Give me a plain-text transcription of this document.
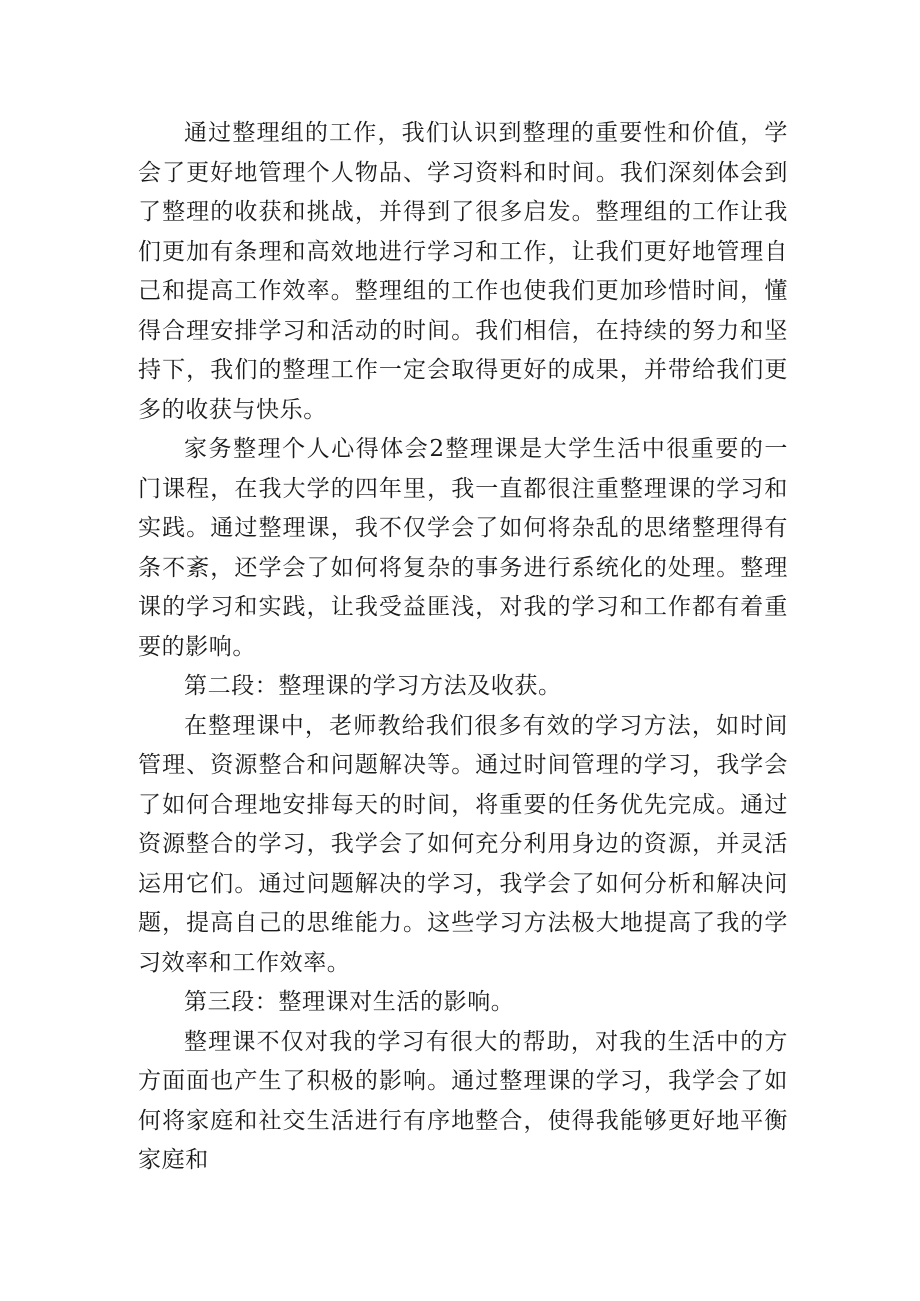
通过整理组的工作，我们认识到整理的重要性和价值，学会了更好地管理个人物品、学习资料和时间。我们深刻体会到了整理的收获和挑战，并得到了很多启发。整理组的工作让我们更加有条理和高效地进行学习和工作，让我们更好地管理自己和提高工作效率。整理组的工作也使我们更加珍惜时间，懂得合理安排学习和活动的时间。我们相信，在持续的努力和坚持下，我们的整理工作一定会取得更好的成果，并带给我们更多的收获与快乐。

家务整理个人心得体会2整理课是大学生活中很重要的一门课程，在我大学的四年里，我一直都很注重整理课的学习和实践。通过整理课，我不仅学会了如何将杂乱的思绪整理得有条不紊，还学会了如何将复杂的事务进行系统化的处理。整理课的学习和实践，让我受益匪浅，对我的学习和工作都有着重要的影响。

第二段：整理课的学习方法及收获。

在整理课中，老师教给我们很多有效的学习方法，如时间管理、资源整合和问题解决等。通过时间管理的学习，我学会了如何合理地安排每天的时间，将重要的任务优先完成。通过资源整合的学习，我学会了如何充分利用身边的资源，并灵活运用它们。通过问题解决的学习，我学会了如何分析和解决问题，提高自己的思维能力。这些学习方法极大地提高了我的学习效率和工作效率。

第三段：整理课对生活的影响。

整理课不仅对我的学习有很大的帮助，对我的生活中的方方面面也产生了积极的影响。通过整理课的学习，我学会了如何将家庭和社交生活进行有序地整合，使得我能够更好地平衡家庭和
